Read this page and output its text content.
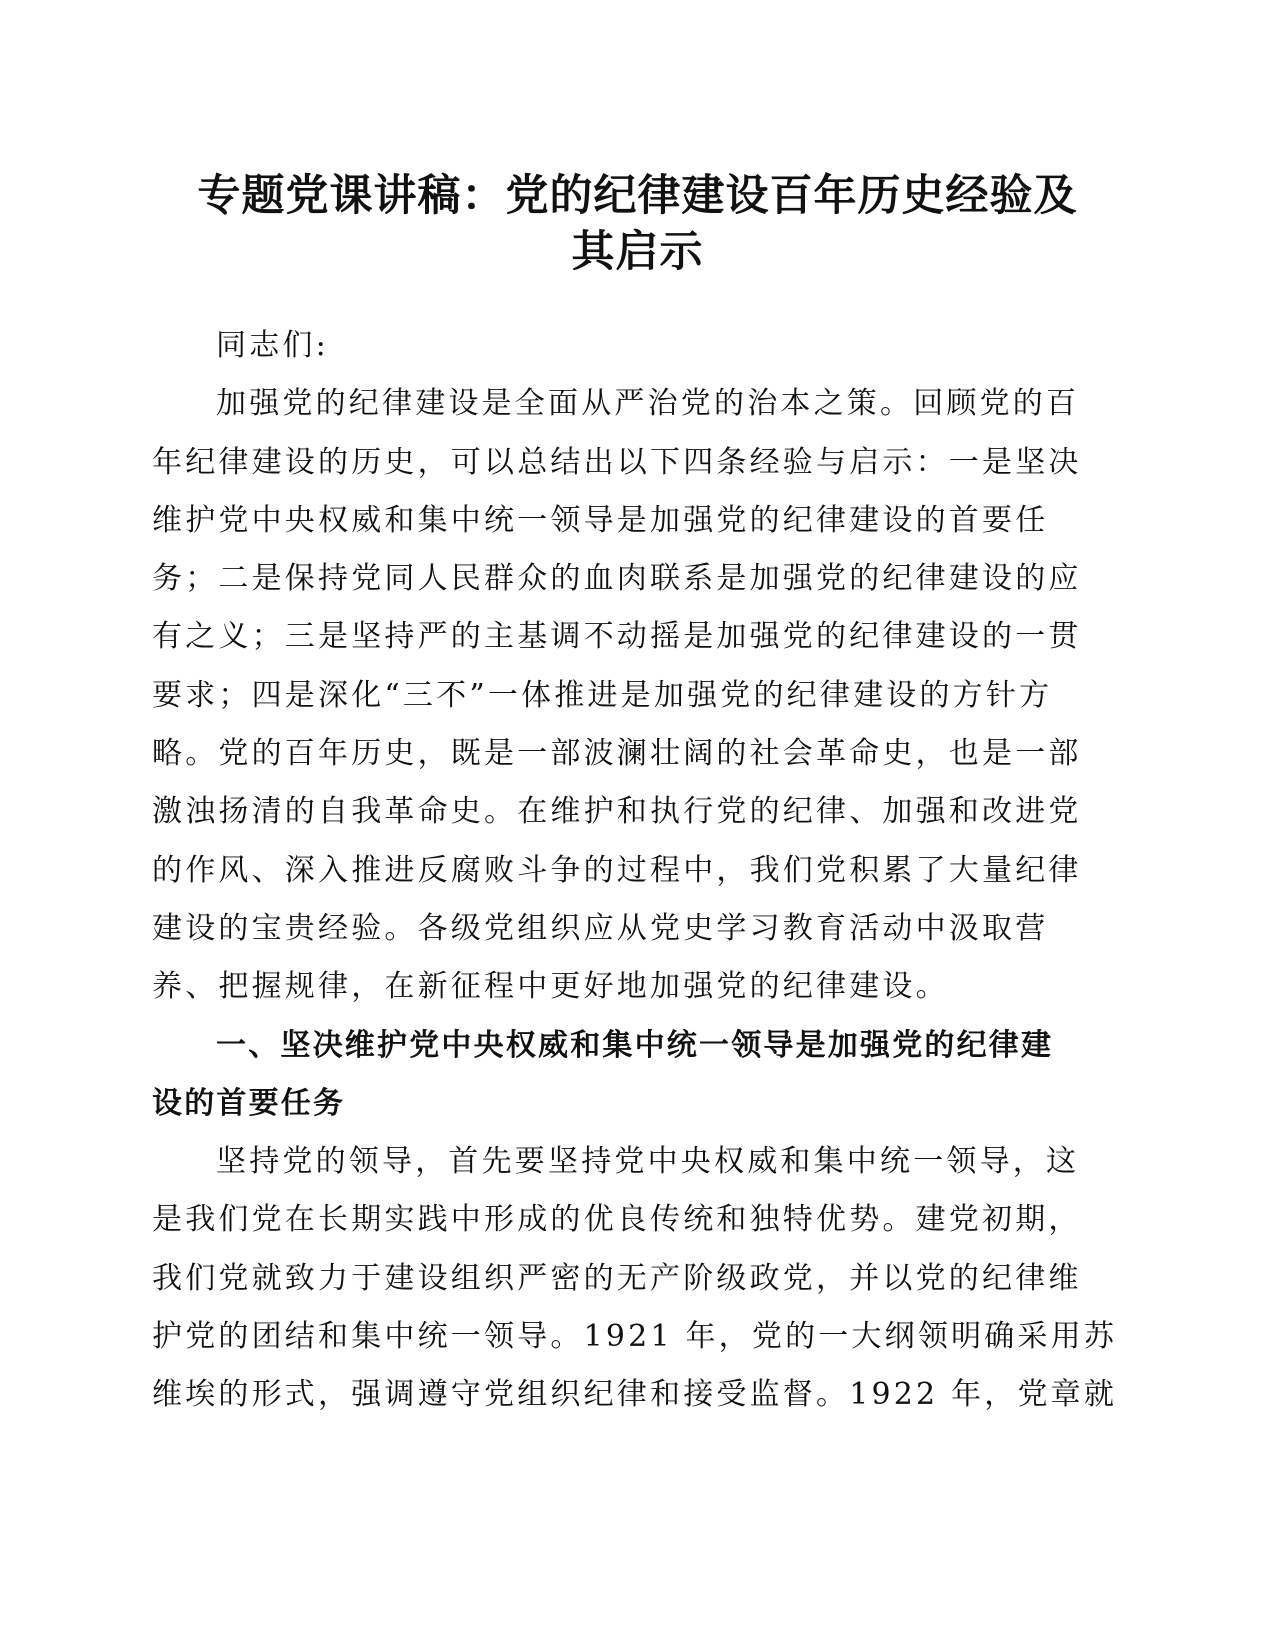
专题党课讲稿：党的纪律建设百年历史经验及
其启示
同志们:
加强党的纪律建设是全面从严治党的治本之策。回顾党的百
年纪律建设的历史，可以总结出以下四条经验与启示：一是坚决
维护党中央权威和集中统一领导是加强党的纪律建设的首要任
务；二是保持党同人民群众的血肉联系是加强党的纪律建设的应
有之义；三是坚持严的主基调不动摇是加强党的纪律建设的一贯
要求；四是深化“三不”一体推进是加强党的纪律建设的方针方
略。党的百年历史，既是一部波澜壮阔的社会革命史，也是一部
激浊扬清的自我革命史。在维护和执行党的纪律、加强和改进党
的作风、深入推进反腐败斗争的过程中，我们党积累了大量纪律
建设的宝贵经验。各级党组织应从党史学习教育活动中汲取营
养、把握规律，在新征程中更好地加强党的纪律建设。
一、坚决维护党中央权威和集中统一领导是加强党的纪律建
设的首要任务
坚持党的领导，首先要坚持党中央权威和集中统一领导，这
是我们党在长期实践中形成的优良传统和独特优势。建党初期，
我们党就致力于建设组织严密的无产阶级政党，并以党的纪律维
护党的团结和集中统一领导。1921 年，党的一大纲领明确采用苏
维埃的形式，强调遵守党组织纪律和接受监督。1922 年，党章就
